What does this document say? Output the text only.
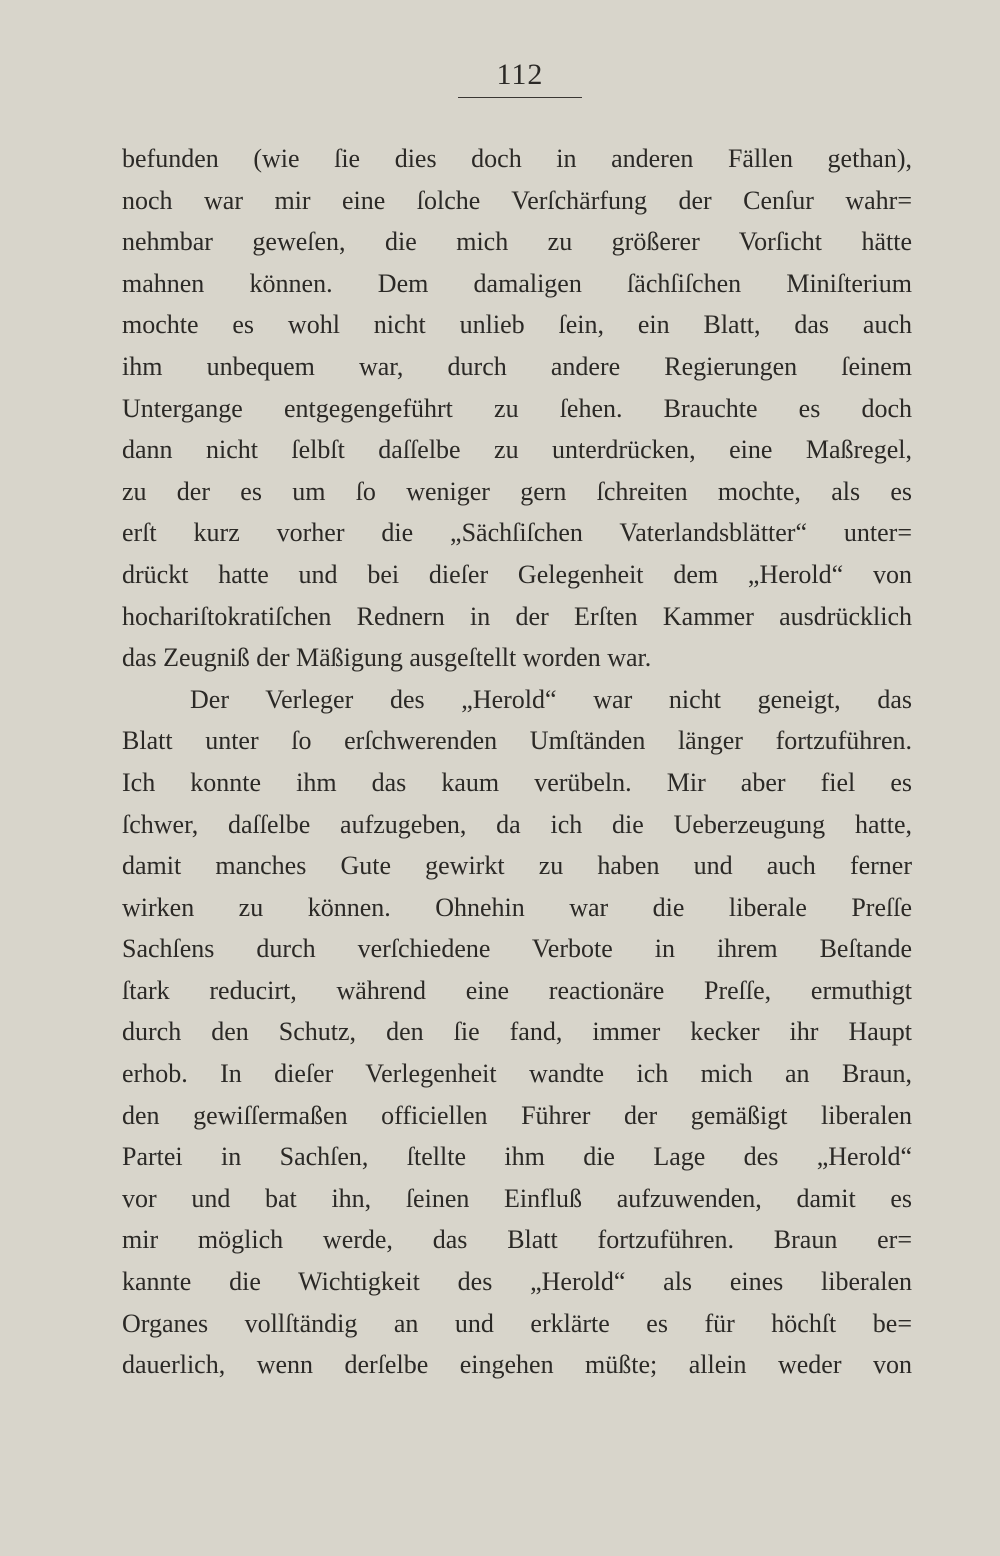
112
befunden (wie ſie dies doch in anderen Fällen gethan),
noch war mir eine ſolche Verſchärfung der Cenſur wahr=
nehmbar geweſen, die mich zu größerer Vorſicht hätte
mahnen können. Dem damaligen ſächſiſchen Miniſterium
mochte es wohl nicht unlieb ſein, ein Blatt, das auch
ihm unbequem war, durch andere Regierungen ſeinem
Untergange entgegengeführt zu ſehen. Brauchte es doch
dann nicht ſelbſt daſſelbe zu unterdrücken, eine Maßregel,
zu der es um ſo weniger gern ſchreiten mochte, als es
erſt kurz vorher die „Sächſiſchen Vaterlandsblätter“ unter=
drückt hatte und bei dieſer Gelegenheit dem „Herold“ von
hochariſtokratiſchen Rednern in der Erſten Kammer ausdrücklich
das Zeugniß der Mäßigung ausgeſtellt worden war.
Der Verleger des „Herold“ war nicht geneigt, das
Blatt unter ſo erſchwerenden Umſtänden länger fortzuführen.
Ich konnte ihm das kaum verübeln. Mir aber fiel es
ſchwer, daſſelbe aufzugeben, da ich die Ueberzeugung hatte,
damit manches Gute gewirkt zu haben und auch ferner
wirken zu können. Ohnehin war die liberale Preſſe
Sachſens durch verſchiedene Verbote in ihrem Beſtande
ſtark reducirt, während eine reactionäre Preſſe, ermuthigt
durch den Schutz, den ſie fand, immer kecker ihr Haupt
erhob. In dieſer Verlegenheit wandte ich mich an Braun,
den gewiſſermaßen officiellen Führer der gemäßigt liberalen
Partei in Sachſen, ſtellte ihm die Lage des „Herold“
vor und bat ihn, ſeinen Einfluß aufzuwenden, damit es
mir möglich werde, das Blatt fortzuführen. Braun er=
kannte die Wichtigkeit des „Herold“ als eines liberalen
Organes vollſtändig an und erklärte es für höchſt be=
dauerlich, wenn derſelbe eingehen müßte; allein weder von
